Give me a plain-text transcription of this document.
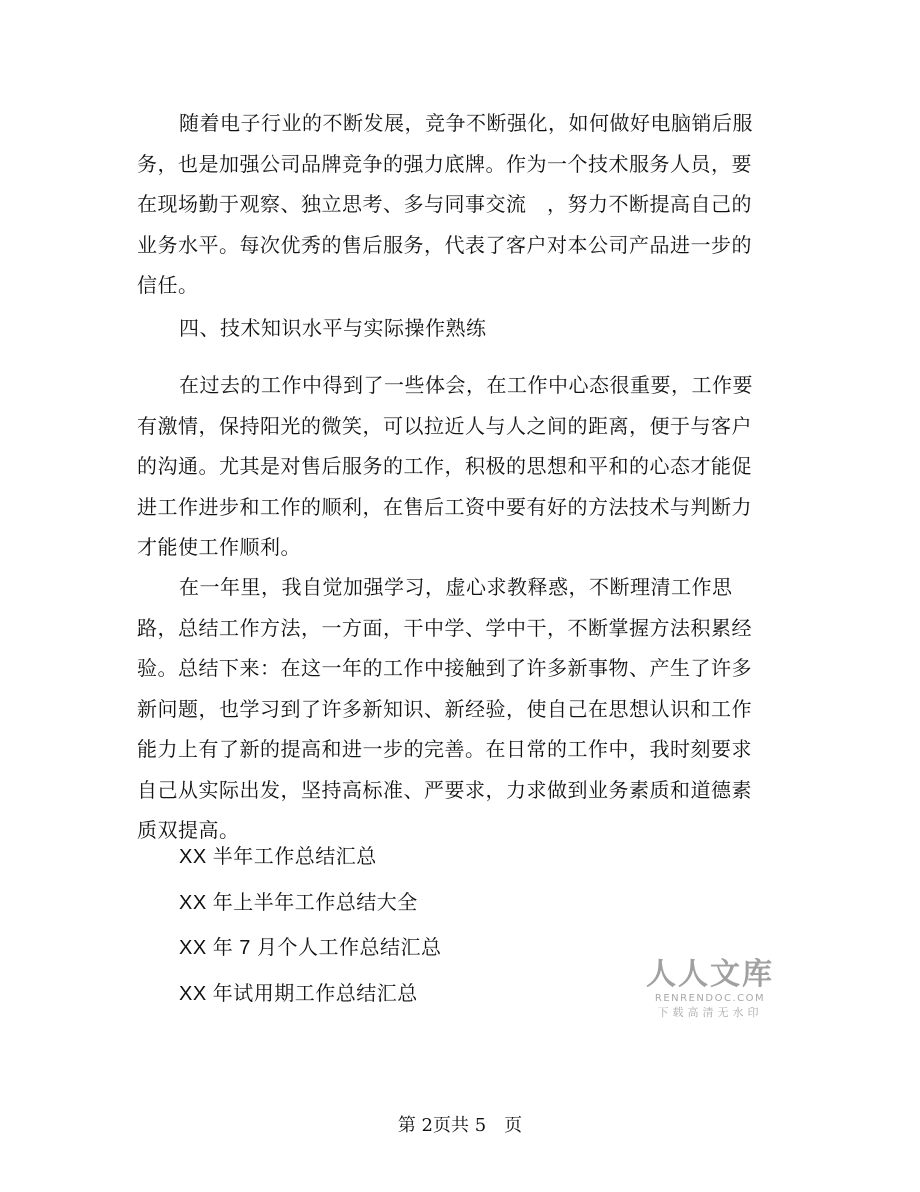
随着电子行业的不断发展，竞争不断强化，如何做好电脑销后服务，也是加强公司品牌竞争的强力底牌。作为一个技术服务人员，要在现场勤于观察、独立思考、多与同事交流　，努力不断提高自己的业务水平。每次优秀的售后服务，代表了客户对本公司产品进一步的信任。

四、技术知识水平与实际操作熟练

在过去的工作中得到了一些体会，在工作中心态很重要，工作要有激情，保持阳光的微笑，可以拉近人与人之间的距离，便于与客户的沟通。尤其是对售后服务的工作，积极的思想和平和的心态才能促进工作进步和工作的顺利，在售后工资中要有好的方法技术与判断力才能使工作顺利。

在一年里，我自觉加强学习，虚心求教释惑，不断理清工作思路，总结工作方法，一方面，干中学、学中干，不断掌握方法积累经验。总结下来：在这一年的工作中接触到了许多新事物、产生了许多新问题，也学习到了许多新知识、新经验，使自己在思想认识和工作能力上有了新的提高和进一步的完善。在日常的工作中，我时刻要求自己从实际出发，坚持高标准、严要求，力求做到业务素质和道德素质双提高。

XX 半年工作总结汇总
XX 年上半年工作总结大全
XX 年 7 月个人工作总结汇总
XX 年试用期工作总结汇总
人人文库
RENRENDOC.COM
下载高清无水印
第 2页共 5　页
